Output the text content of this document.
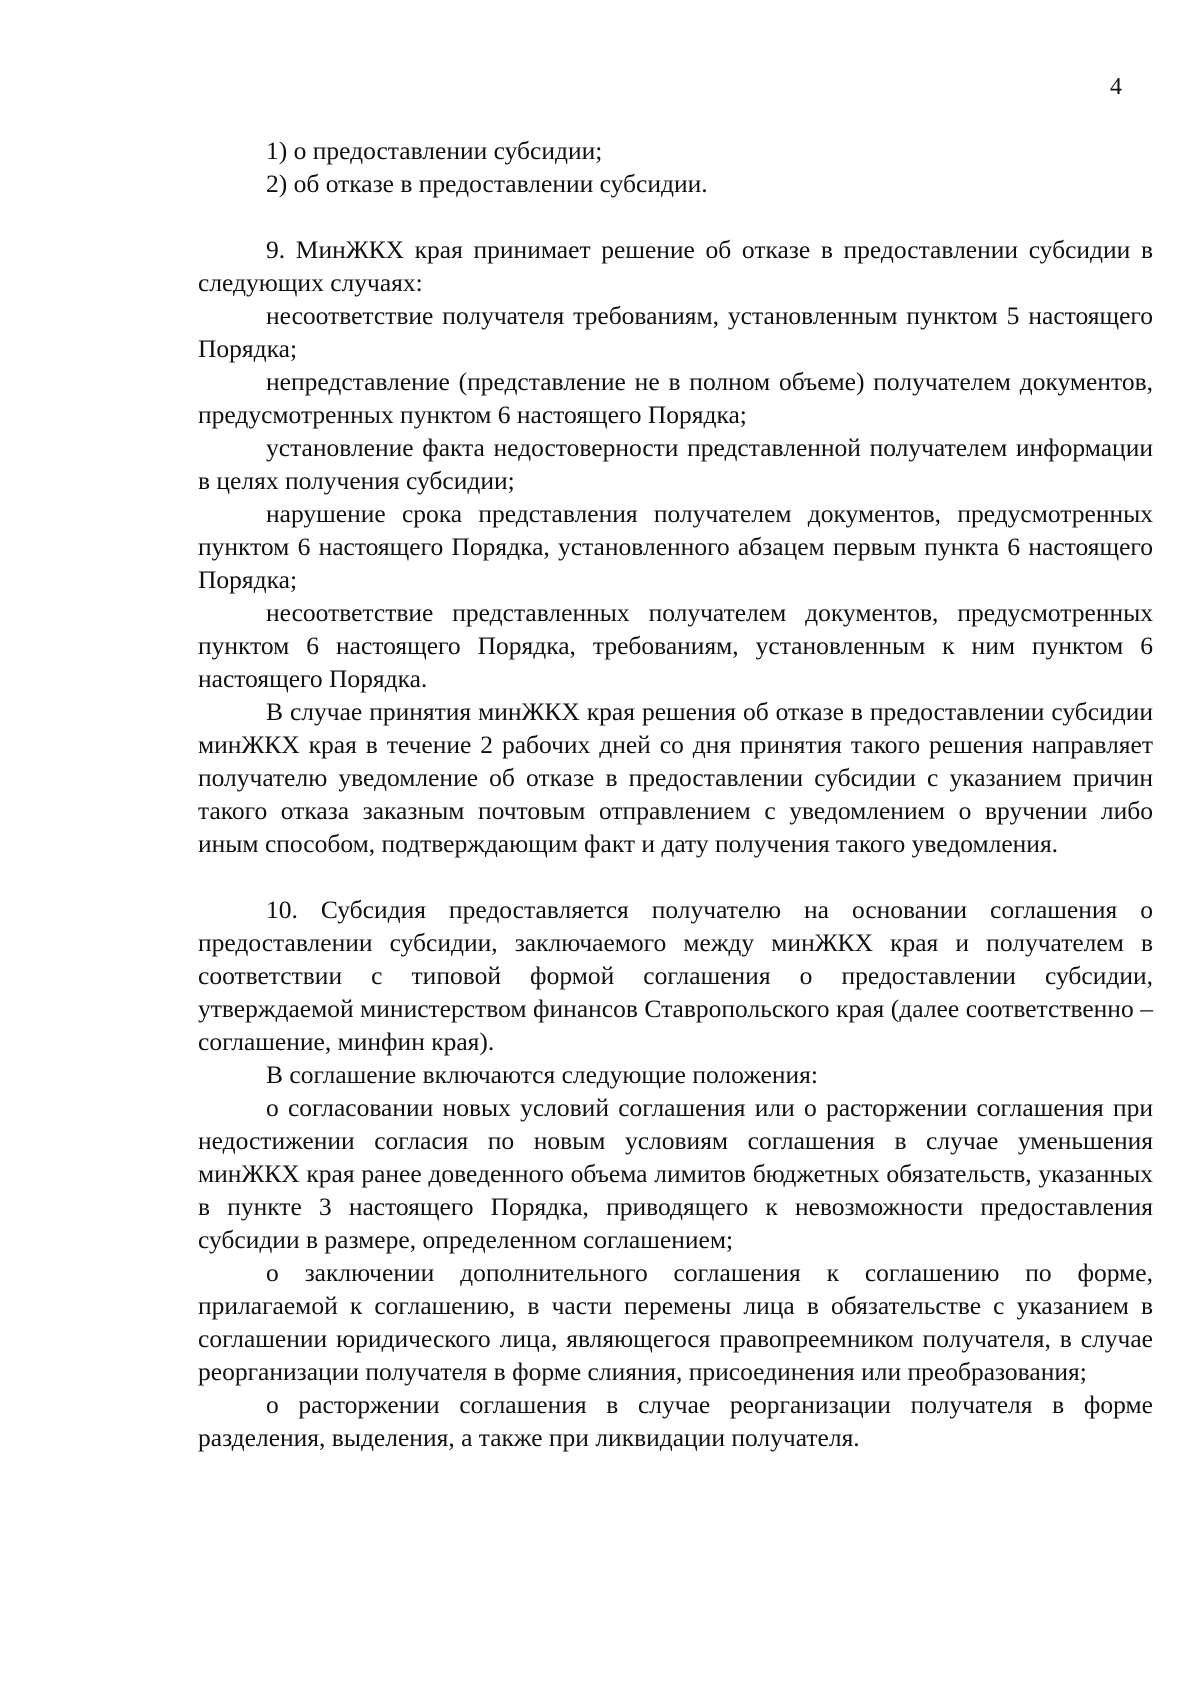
4

1) о предоставлении субсидии;

2) об отказе в предоставлении субсидии.

9. МинЖКХ края принимает решение об отказе в предоставлении субсидии в следующих случаях:

несоответствие получателя требованиям, установленным пунктом 5 настоящего Порядка;

непредставление (представление не в полном объеме) получателем документов, предусмотренных пунктом 6 настоящего Порядка;

установление факта недостоверности представленной получателем информации в целях получения субсидии;

нарушение срока представления получателем документов, предусмотренных пунктом 6 настоящего Порядка, установленного абзацем первым пункта 6 настоящего Порядка;

несоответствие представленных получателем документов, предусмотренных пунктом 6 настоящего Порядка, требованиям, установленным к ним пунктом 6 настоящего Порядка.

В случае принятия минЖКХ края решения об отказе в предоставлении субсидии минЖКХ края в течение 2 рабочих дней со дня принятия такого решения направляет получателю уведомление об отказе в предоставлении субсидии с указанием причин такого отказа заказным почтовым отправлением с уведомлением о вручении либо иным способом, подтверждающим факт и дату получения такого уведомления.

10. Субсидия предоставляется получателю на основании соглашения о предоставлении субсидии, заключаемого между минЖКХ края и получателем в соответствии с типовой формой соглашения о предоставлении субсидии, утверждаемой министерством финансов Ставропольского края (далее соответственно – соглашение, минфин края).

В соглашение включаются следующие положения:

о согласовании новых условий соглашения или о расторжении соглашения при недостижении согласия по новым условиям соглашения в случае уменьшения минЖКХ края ранее доведенного объема лимитов бюджетных обязательств, указанных в пункте 3 настоящего Порядка, приводящего к невозможности предоставления субсидии в размере, определенном соглашением;

о заключении дополнительного соглашения к соглашению по форме, прилагаемой к соглашению, в части перемены лица в обязательстве с указанием в соглашении юридического лица, являющегося правопреемником получателя, в случае реорганизации получателя в форме слияния, присоединения или преобразования;

о расторжении соглашения в случае реорганизации получателя в форме разделения, выделения, а также при ликвидации получателя.
